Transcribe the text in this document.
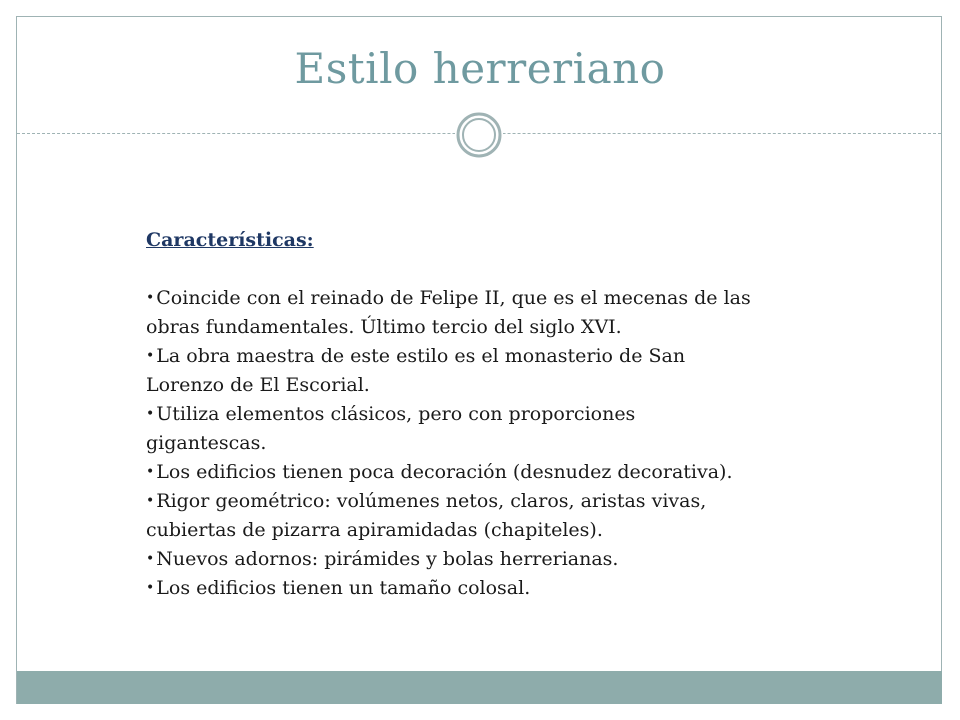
Estilo herreriano
Características:
• Coincide con el reinado de Felipe II, que es el mecenas de las obras fundamentales. Último tercio del siglo XVI.
• La obra maestra de este estilo es el monasterio de San Lorenzo de El Escorial.
• Utiliza elementos clásicos, pero con proporciones gigantescas.
• Los edificios tienen poca decoración (desnudez decorativa).
• Rigor geométrico: volúmenes netos, claros, aristas vivas, cubiertas de pizarra apiramidadas (chapiteles).
• Nuevos adornos: pirámides y bolas herrerianas.
• Los edificios tienen un tamaño colosal.
